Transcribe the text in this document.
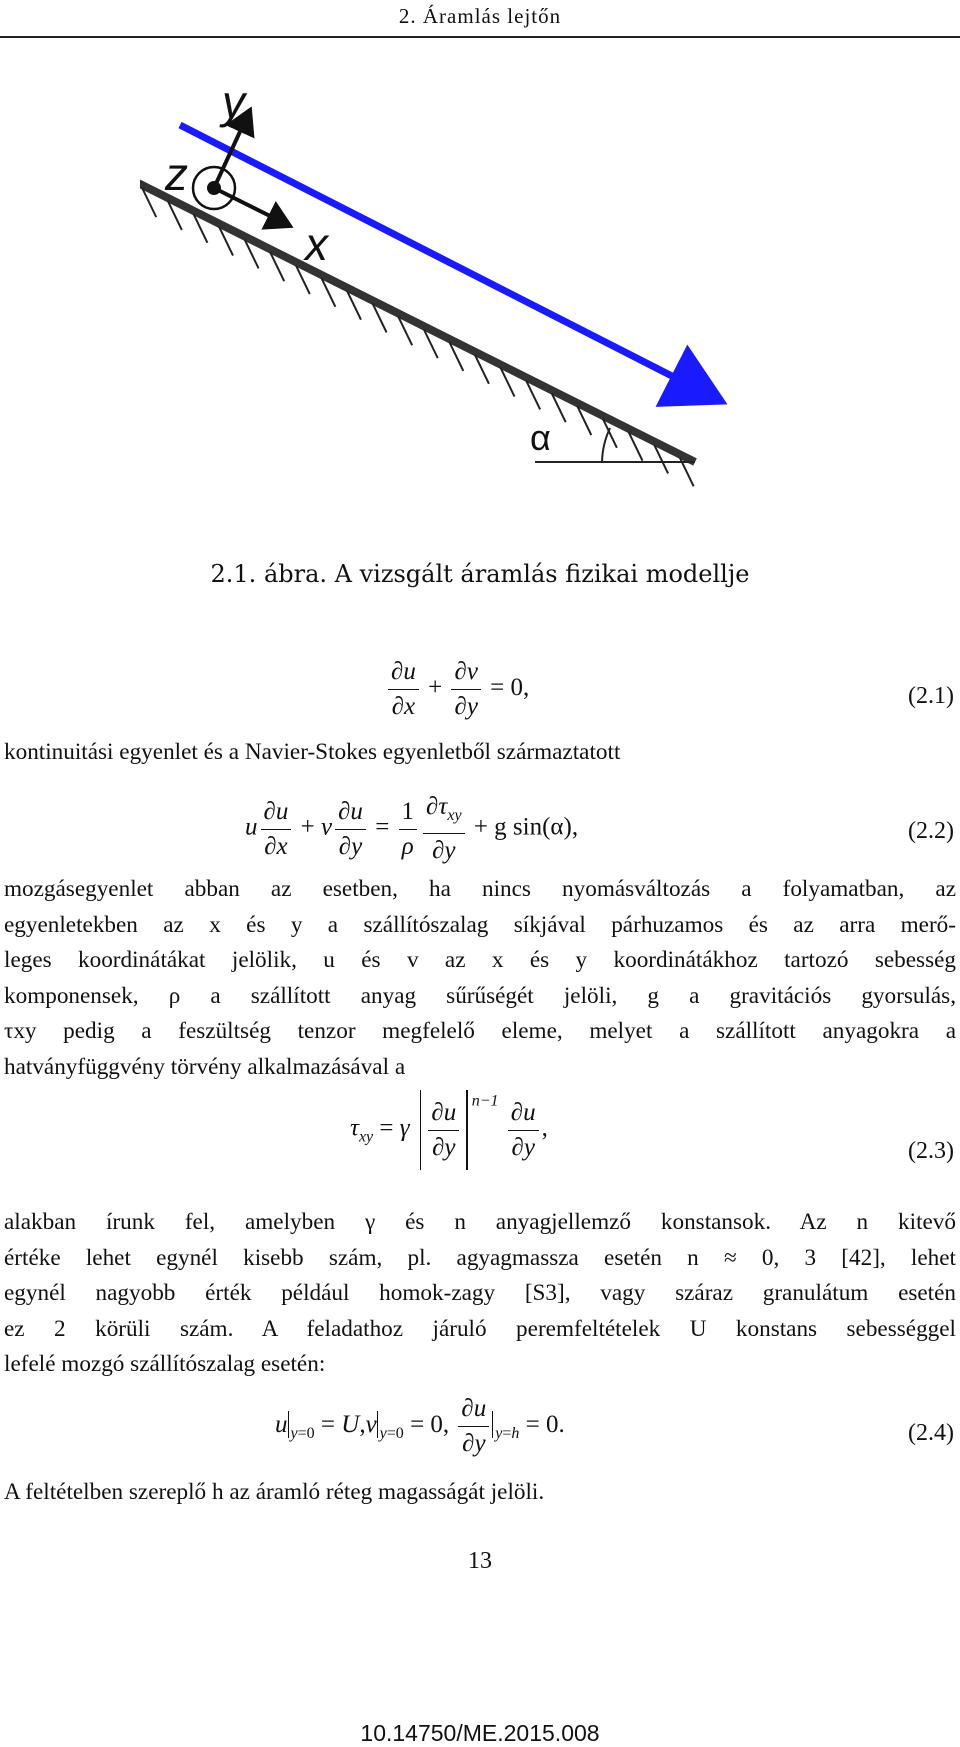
2. Áramlás lejtőn
y
z
x
α
2.1. ábra. A vizsgált áramlás fizikai modellje
$\frac{\partial u}{\partial x} + \frac{\partial v}{\partial y} = 0$,	(2.1)
kontinuitási egyenlet és a Navier-Stokes egyenletből származtatott
u $\frac{\partial u}{\partial x} + v \frac{\partial u}{\partial y} = \frac{1}{\rho} \frac{\partial\tau_{xy}}{\partial y} + g$ sin(α),	(2.2)
mozgásegyenlet abban az esetben, ha nincs nyomásváltozás a folyamatban, az
egyenletekben az x és y a szállítószalag síkjával párhuzamos és az arra merő-
leges koordinátákat jelölik, u és v az x és y koordinátákhoz tartozó sebesség
komponensek, ρ a szállított anyag sűrűségét jelöli, g a gravitációs gyorsulás,
τxy pedig a feszültség tenzor megfelelő eleme, melyet a szállított anyagokra a
hatványfüggvény törvény alkalmazásával a
$\tau_{xy} = \gamma \frac{\partial u}{\partial y} ^{n-1} \frac{\partial u}{\partial y}$ ,
(2.3)
alakban írunk fel, amelyben γ és n anyagjellemző konstansok. Az n kitevő
értéke lehet egynél kisebb szám, pl. agyagmassza esetén n ≈ 0, 3 [42], lehet
egynél nagyobb érték például homok-zagy [S3], vagy száraz granulátum esetén
ez 2 körüli szám. A feladathoz járuló peremfeltételek U konstans sebességgel
lefelé mozgó szállítószalag esetén:
u $_{y=0}$ = U,v $_{y=0}$ = 0, $\frac{\partial u}{\partial y} _{y=h} = 0$.	(2.4)
A feltételben szereplő h az áramló réteg magasságát jelöli.
13
10.14750/ME.2015.008
